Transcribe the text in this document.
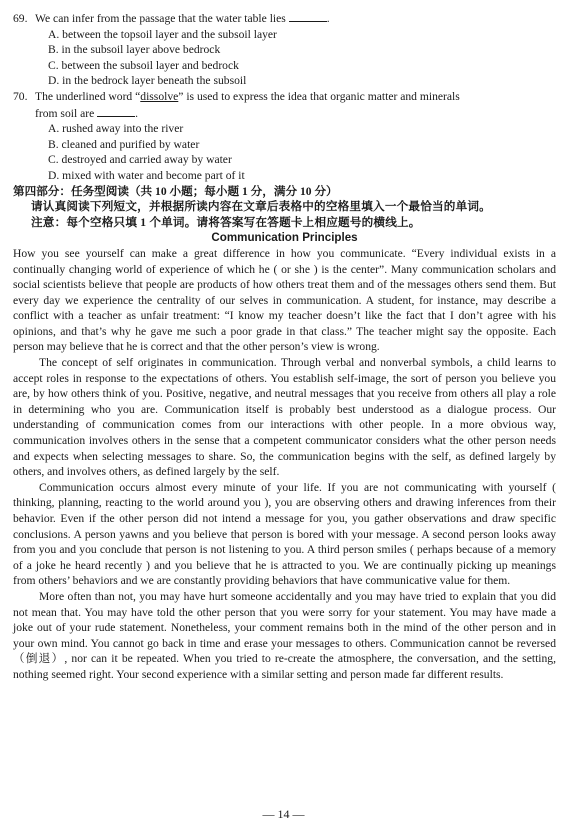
69. We can infer from the passage that the water table lies	.

A. between the topsoil layer and the subsoil layer

B. in the subsoil layer above bedrock

C. between the subsoil layer and bedrock

D. in the bedrock layer beneath the subsoil

70. The underlined word “dissolve” is used to express the idea that organic matter and minerals

from soil are	.

A. rushed away into the river

B. cleaned and purified by water

C. destroyed and carried away by water

D. mixed with water and become part of it

第四部分：任务型阅读（共 10 小题；每小题 1 分，满分 10 分）

请认真阅读下列短文，并根据所读内容在文章后表格中的空格里填入一个最恰当的单词。

注意：每个空格只填 1 个单词。请将答案写在答题卡上相应题号的横线上。

Communication Principles

How you see yourself can make a great difference in how you communicate. “Every individual exists in a continually changing world of experience of which he ( or she ) is the center”. Many communication scholars and social scientists believe that people are products of how others treat them and of the messages others send them. But every day we experience the centrality of our selves in communication. A student, for instance, may describe a conflict with a teacher as unfair treatment: “I know my teacher doesn’t like the fact that I don’t agree with his opinions, and that’s why he gave me such a poor grade in that class.” The teacher might say the opposite. Each person may believe that he is correct and that the other person’s view is wrong.

The concept of self originates in communication. Through verbal and nonverbal symbols, a child learns to accept roles in response to the expectations of others. You establish self-image, the sort of person you believe you are, by how others think of you. Positive, negative, and neutral messages that you receive from others all play a role in determining who you are. Communication itself is probably best understood as a dialogue process. Our understanding of communication comes from our interactions with other people. In a more obvious way, communication involves others in the sense that a competent communicator considers what the other person needs and expects when selecting messages to share. So, the communication begins with the self, as defined largely by others, and involves others, as defined largely by the self.

Communication occurs almost every minute of your life. If you are not communicating with yourself ( thinking, planning, reacting to the world around you ), you are observing others and drawing inferences from their behavior. Even if the other person did not intend a message for you, you gather observations and draw specific conclusions. A person yawns and you believe that person is bored with your message. A second person looks away from you and you conclude that person is not listening to you. A third person smiles ( perhaps because of a memory of a joke he heard recently ) and you believe that he is attracted to you. We are continually picking up meanings from others’ behaviors and we are constantly providing behaviors that have communicative value for them.

More often than not, you may have hurt someone accidentally and you may have tried to explain that you did not mean that. You may have told the other person that you were sorry for your statement. You may have made a joke out of your rude statement. Nonetheless, your comment remains both in the mind of the other person and in your own mind. You cannot go back in time and erase your messages to others. Communication cannot be reversed（倒退）, nor can it be repeated. When you tried to re-create the atmosphere, the conversation, and the setting, nothing seemed right. Your second experience with a similar setting and person made far different results.

— 14 —
